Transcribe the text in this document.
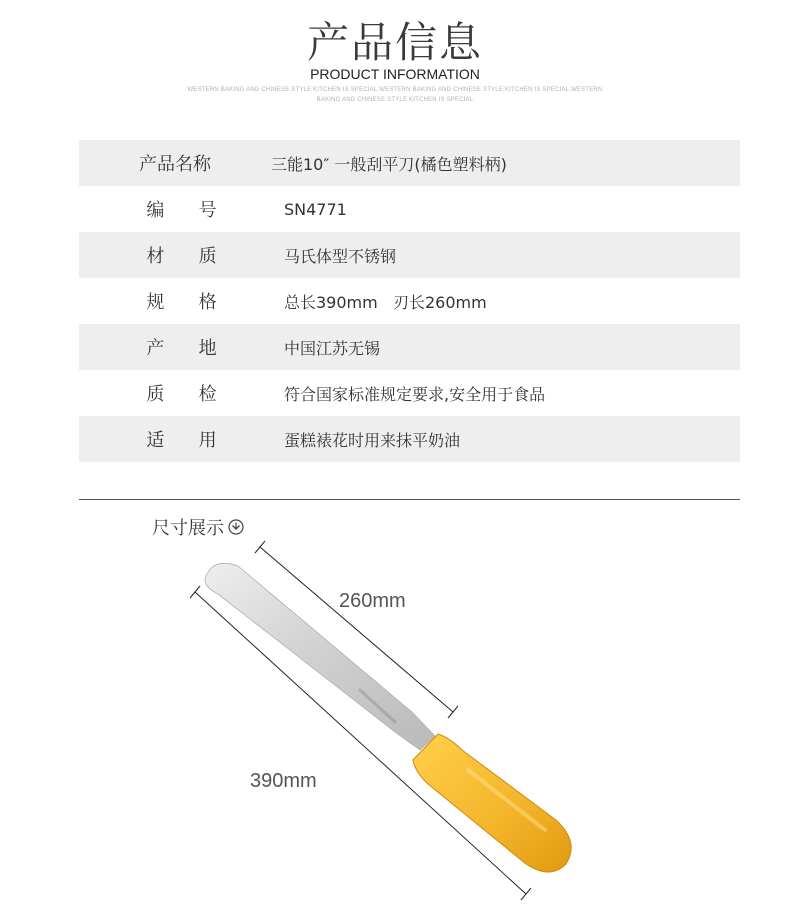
产品信息
PRODUCT INFORMATION
WESTERN BAKING AND CHINESE STYLE KITCHEN IS SPECIAL,WESTERN BAKING AND CHINESE STYLE KITCHEN IS SPECIAL,WESTERN
BAKING AND CHINESE STYLE KITCHEN IS SPECIAL
产品名称	三能10″ 一般刮平刀(橘色塑料柄)
编      号	SN4771
材      质	马氏体型不锈钢
规      格	总长390mm   刃长260mm
产      地	中国江苏无锡
质      检	符合国家标准规定要求,安全用于食品
适      用	蛋糕裱花时用来抹平奶油
尺寸展示
260mm
390mm
